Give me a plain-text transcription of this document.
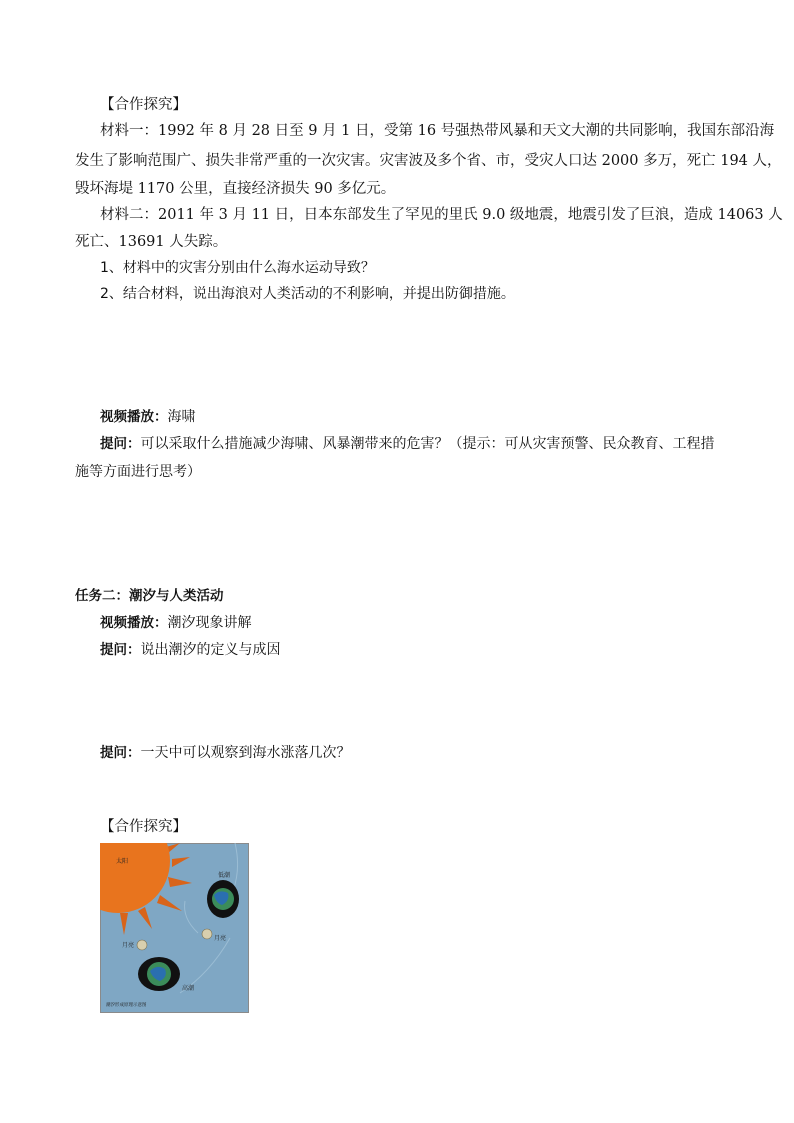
【合作探究】
材料一：1992 年 8 月 28 日至 9 月 1 日，受第 16 号强热带风暴和天文大潮的共同影响，我国东部沿海
发生了影响范围广、损失非常严重的一次灾害。灾害波及多个省、市，受灾人口达 2000 多万，死亡 194 人，
毁坏海堤 1170 公里，直接经济损失 90 多亿元。
材料二：2011 年 3 月 11 日，日本东部发生了罕见的里氏 9.0 级地震，地震引发了巨浪，造成 14063 人
死亡、13691 人失踪。
1、材料中的灾害分别由什么海水运动导致？
2、结合材料，说出海浪对人类活动的不利影响，并提出防御措施。
视频播放：海啸
提问：可以采取什么措施减少海啸、风暴潮带来的危害？（提示：可从灾害预警、民众教育、工程措
施等方面进行思考）
任务二：潮汐与人类活动
视频播放：潮汐现象讲解
提问：说出潮汐的定义与成因
提问：一天中可以观察到海水涨落几次？
【合作探究】
太阳
低潮
月亮
月亮
高潮
潮汐形成原理示意图
